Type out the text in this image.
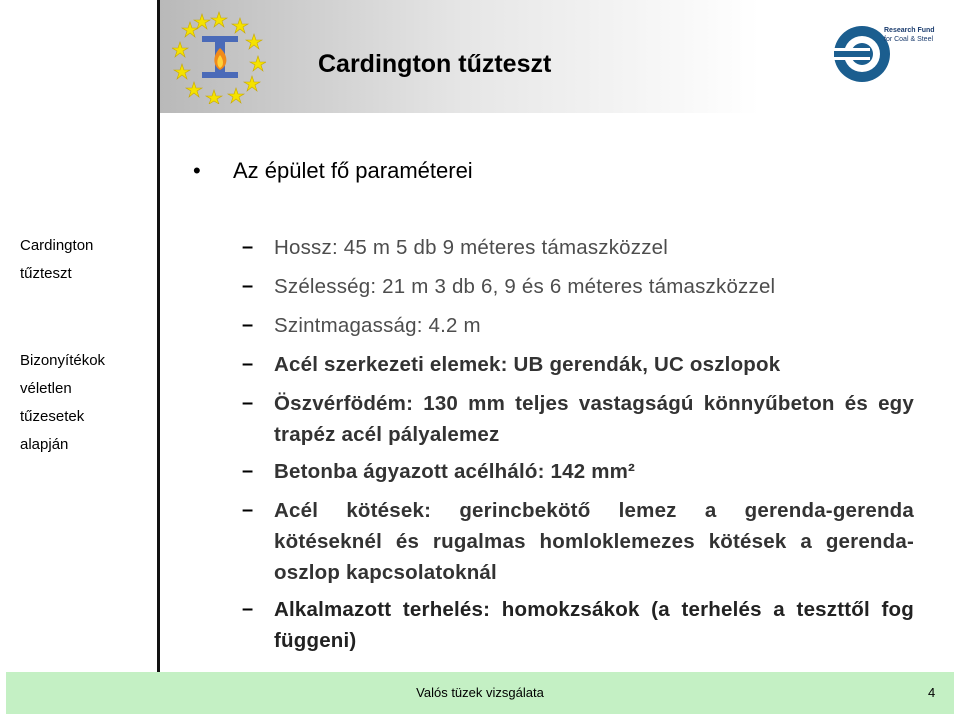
Cardington tűzteszt
Research Fund
for Coal & Steel
Cardington
tűzteszt
Bizonyítékok
véletlen
tűzesetek
alapján
•	Az épület fő paraméterei
–	Hossz: 45 m 5 db 9 méteres támaszközzel
–	Szélesség: 21 m 3 db 6, 9 és 6 méteres támaszközzel
–	Szintmagasság: 4.2 m
–	Acél szerkezeti elemek: UB gerendák, UC oszlopok
–	Öszvérfödém: 130 mm teljes vastagságú könnyűbeton és egy trapéz acél pályalemez
–	Betonba ágyazott acélháló: 142 mm²
–	Acél kötések: gerincbekötő lemez a gerenda-gerenda kötéseknél és rugalmas homloklemezes kötések a gerenda-oszlop kapcsolatoknál
–	Alkalmazott terhelés: homokzsákok (a terhelés a teszttől fog függeni)
Valós tüzek vizsgálata	4
